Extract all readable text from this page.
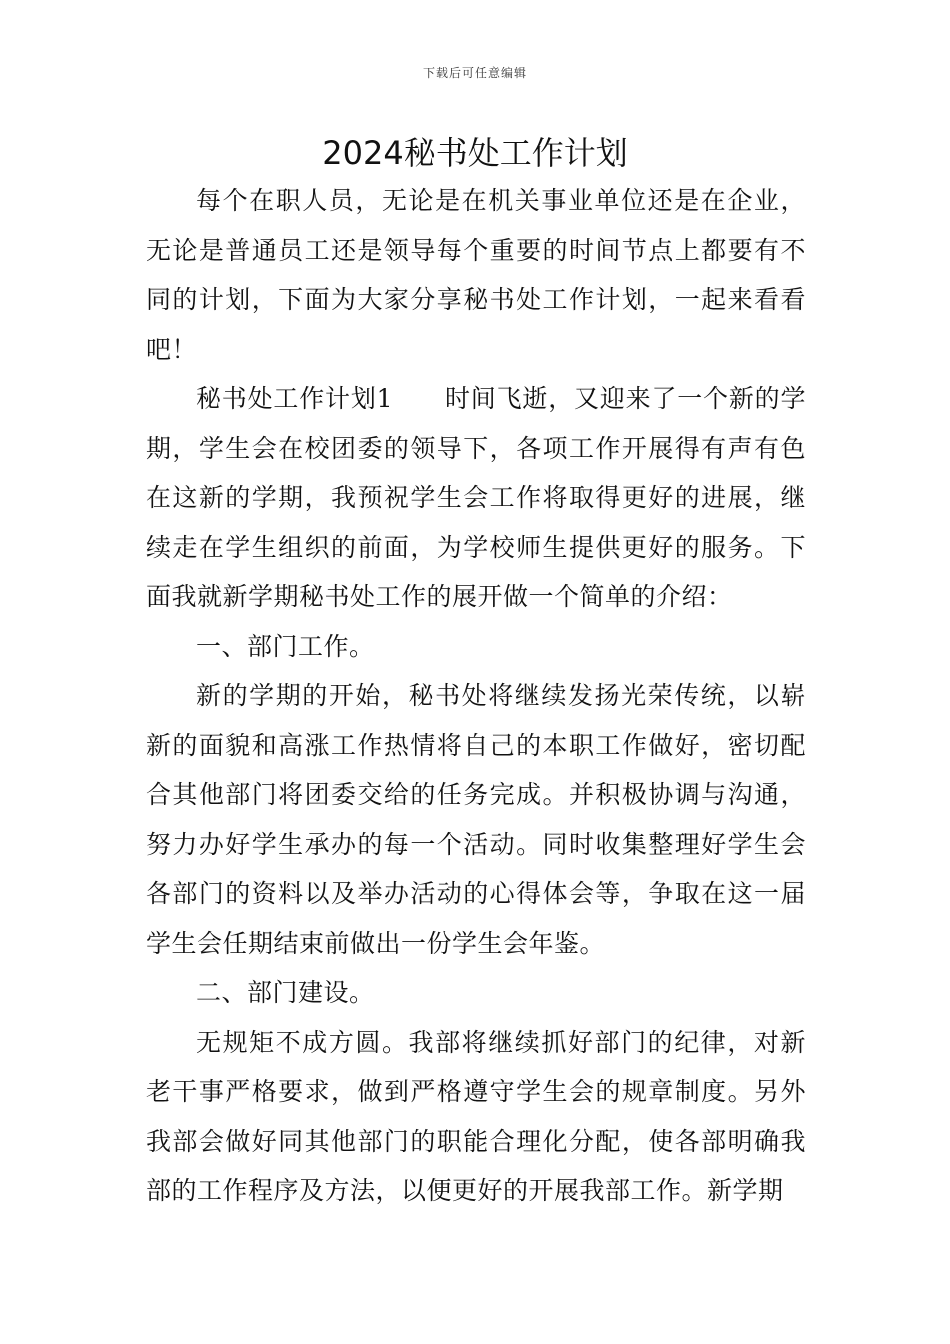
下载后可任意编辑
2024秘书处工作计划

每个在职人员，无论是在机关事业单位还是在企业，无论是普通员工还是领导每个重要的时间节点上都要有不同的计划，下面为大家分享秘书处工作计划，一起来看看吧！

秘书处工作计划1　　时间飞逝，又迎来了一个新的学期，学生会在校团委的领导下，各项工作开展得有声有色在这新的学期，我预祝学生会工作将取得更好的进展，继续走在学生组织的前面，为学校师生提供更好的服务。下面我就新学期秘书处工作的展开做一个简单的介绍：

一、部门工作。

新的学期的开始，秘书处将继续发扬光荣传统，以崭新的面貌和高涨工作热情将自己的本职工作做好，密切配合其他部门将团委交给的任务完成。并积极协调与沟通，努力办好学生承办的每一个活动。同时收集整理好学生会各部门的资料以及举办活动的心得体会等，争取在这一届学生会任期结束前做出一份学生会年鉴。

二、部门建设。

无规矩不成方圆。我部将继续抓好部门的纪律，对新老干事严格要求，做到严格遵守学生会的规章制度。另外我部会做好同其他部门的职能合理化分配，使各部明确我部的工作程序及方法，以便更好的开展我部工作。新学期
